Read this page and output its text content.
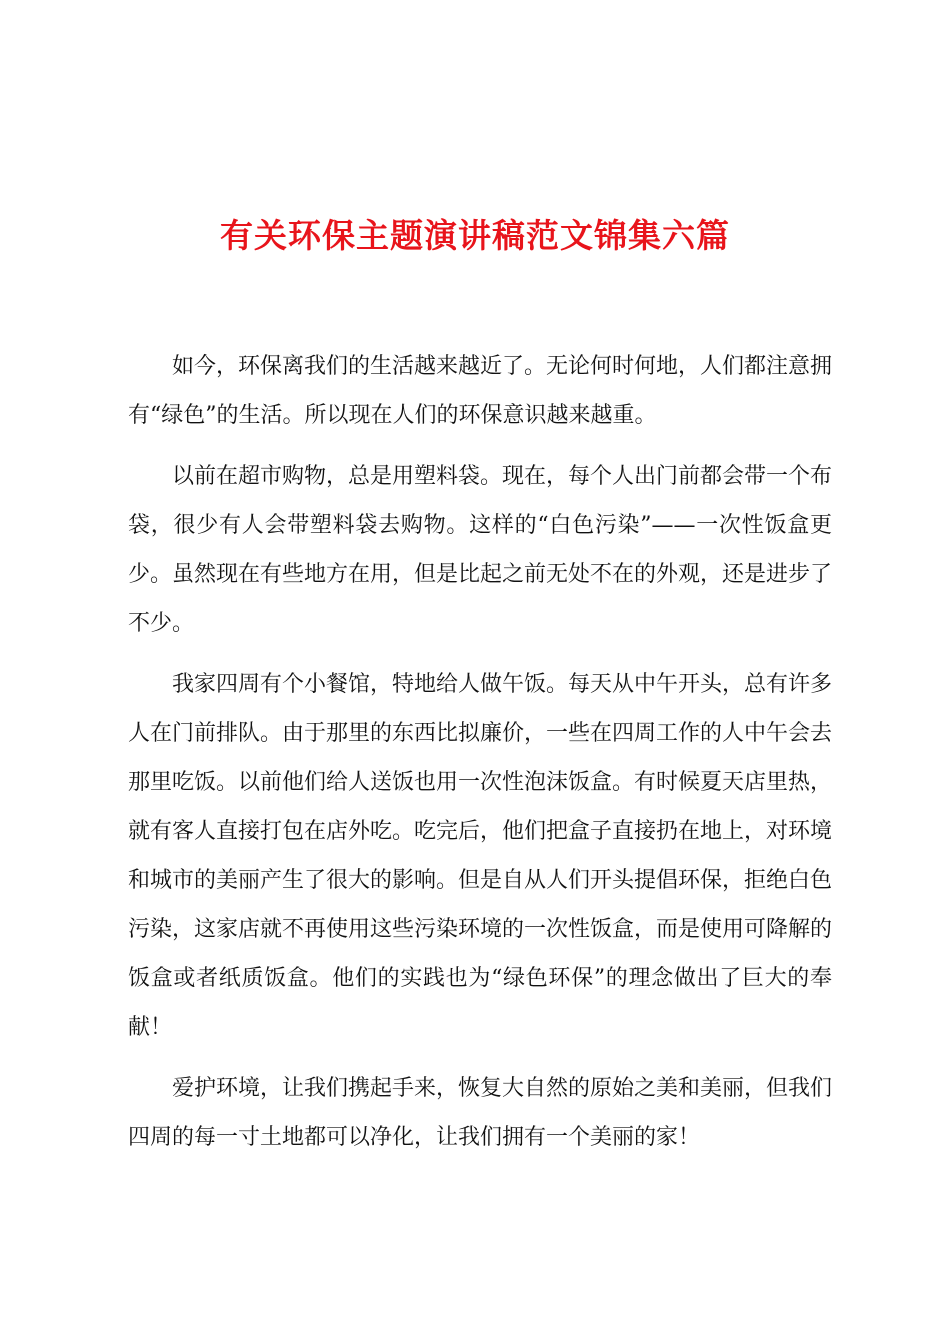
有关环保主题演讲稿范文锦集六篇

如今，环保离我们的生活越来越近了。无论何时何地，人们都注意拥有“绿色”的生活。所以现在人们的环保意识越来越重。

以前在超市购物，总是用塑料袋。现在，每个人出门前都会带一个布袋，很少有人会带塑料袋去购物。这样的“白色污染”——一次性饭盒更少。虽然现在有些地方在用，但是比起之前无处不在的外观，还是进步了不少。

我家四周有个小餐馆，特地给人做午饭。每天从中午开头，总有许多人在门前排队。由于那里的东西比拟廉价，一些在四周工作的人中午会去那里吃饭。以前他们给人送饭也用一次性泡沫饭盒。有时候夏天店里热，就有客人直接打包在店外吃。吃完后，他们把盒子直接扔在地上，对环境和城市的美丽产生了很大的影响。但是自从人们开头提倡环保，拒绝白色污染，这家店就不再使用这些污染环境的一次性饭盒，而是使用可降解的饭盒或者纸质饭盒。他们的实践也为“绿色环保”的理念做出了巨大的奉献！

爱护环境，让我们携起手来，恢复大自然的原始之美和美丽，但我们四周的每一寸土地都可以净化，让我们拥有一个美丽的家！
